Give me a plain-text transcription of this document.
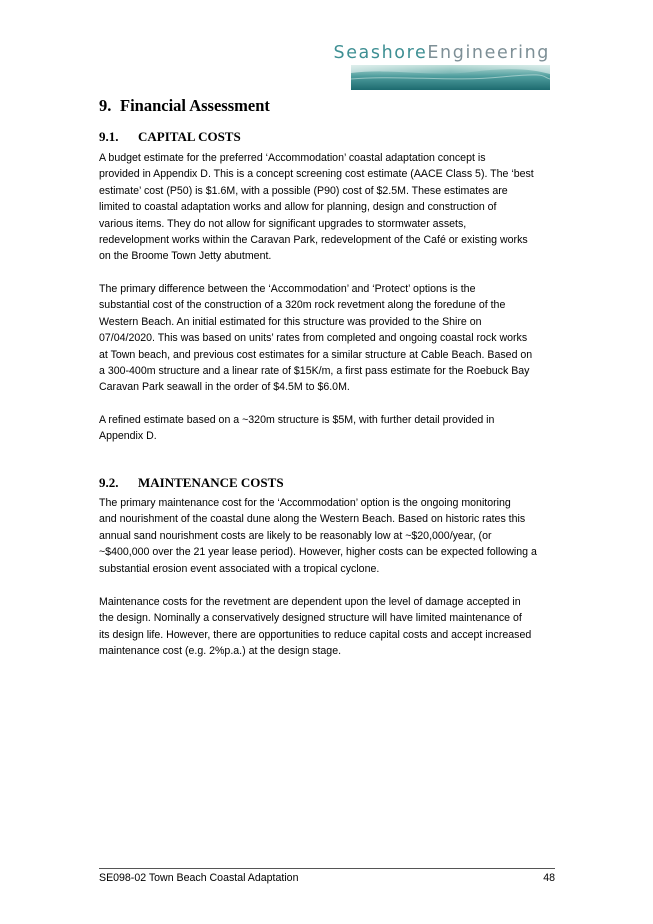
SeashoreEngineering
9. Financial Assessment
9.1. CAPITAL COSTS
A budget estimate for the preferred ‘Accommodation’ coastal adaptation concept is
provided in Appendix D. This is a concept screening cost estimate (AACE Class 5). The ‘best
estimate’ cost (P50) is $1.6M, with a possible (P90) cost of $2.5M. These estimates are
limited to coastal adaptation works and allow for planning, design and construction of
various items. They do not allow for significant upgrades to stormwater assets,
redevelopment works within the Caravan Park, redevelopment of the Café or existing works
on the Broome Town Jetty abutment.
The primary difference between the ‘Accommodation’ and ‘Protect’ options is the
substantial cost of the construction of a 320m rock revetment along the foredune of the
Western Beach. An initial estimated for this structure was provided to the Shire on
07/04/2020. This was based on units’ rates from completed and ongoing coastal rock works
at Town beach, and previous cost estimates for a similar structure at Cable Beach. Based on
a 300-400m structure and a linear rate of $15K/m, a first pass estimate for the Roebuck Bay
Caravan Park seawall in the order of $4.5M to $6.0M.
A refined estimate based on a ~320m structure is $5M, with further detail provided in
Appendix D.
9.2. MAINTENANCE COSTS
The primary maintenance cost for the ‘Accommodation’ option is the ongoing monitoring
and nourishment of the coastal dune along the Western Beach. Based on historic rates this
annual sand nourishment costs are likely to be reasonably low at ~$20,000/year, (or
~$400,000 over the 21 year lease period). However, higher costs can be expected following a
substantial erosion event associated with a tropical cyclone.
Maintenance costs for the revetment are dependent upon the level of damage accepted in
the design. Nominally a conservatively designed structure will have limited maintenance of
its design life. However, there are opportunities to reduce capital costs and accept increased
maintenance cost (e.g. 2%p.a.) at the design stage.
SE098-02 Town Beach Coastal Adaptation	48
